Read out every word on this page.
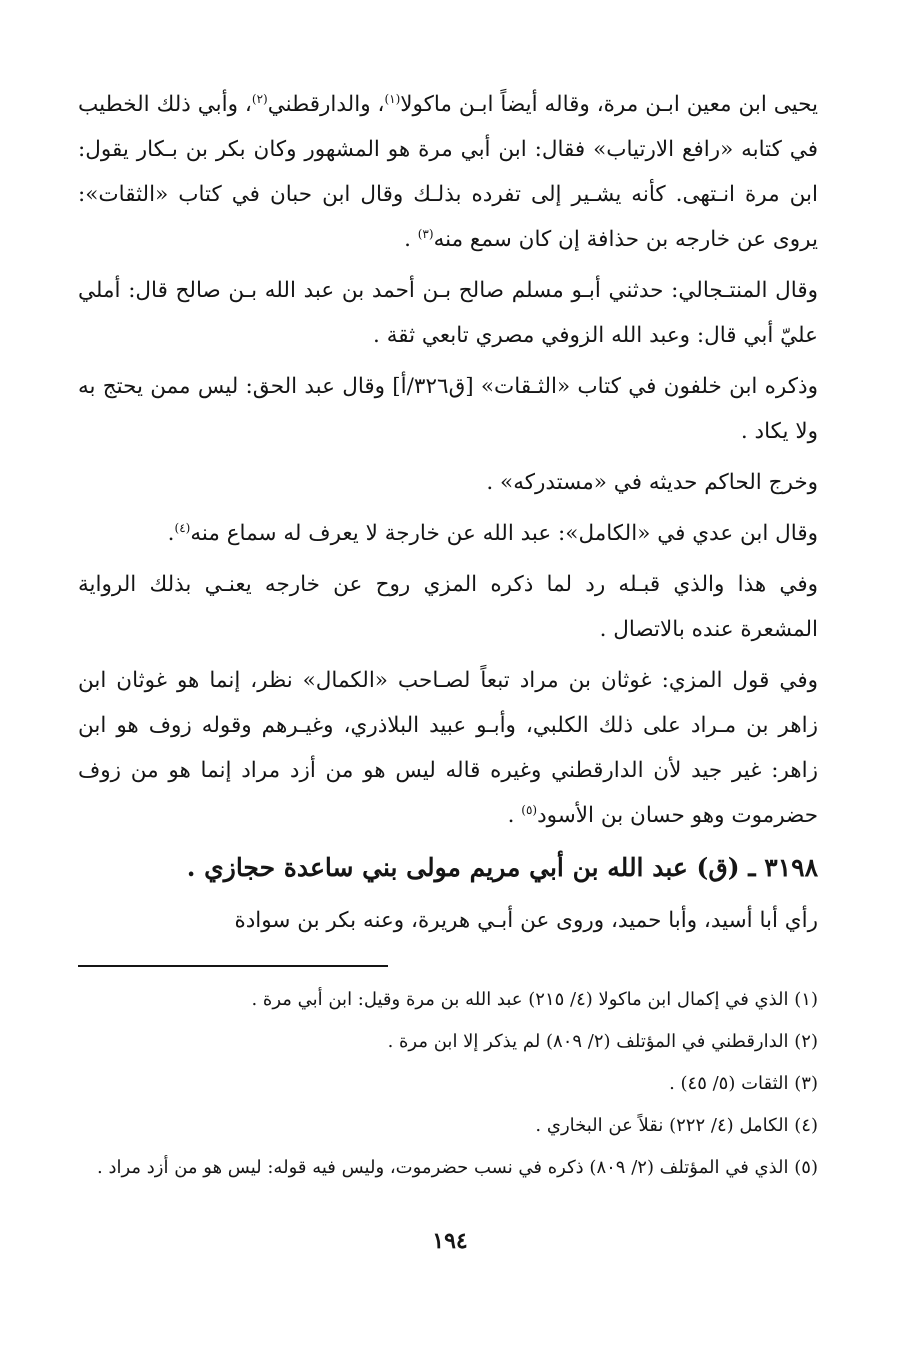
يحيى ابن معين ابـن مرة، وقاله أيضاً ابـن ماكولا$^{(١)}$، والدارقطني$^{(٢)}$، وأبي ذلك الخطيب في كتابه «رافع الارتياب» فقال: ابن أبي مرة هو المشهور وكان بكر بن بـكار يقول: ابن مرة انـتهى. كأنه يشـير إلى تفرده بذلـك وقال ابن حبان في كتاب «الثقات»: يروى عن خارجه بن حذافة إن كان سمع منه$^{(٣)}$ .

وقال المنتـجالي: حدثني أبـو مسلم صالح بـن أحمد بن عبد الله بـن صالح قال: أملي عليّ أبي قال: وعبد الله الزوفي مصري تابعي ثقة .

وذكره ابن خلفون في كتاب «الثـقات» [ق٣٢٦/أ] وقال عبد الحق: ليس ممن يحتج به ولا يكاد .

وخرج الحاكم حديثه في «مستدركه» .

وقال ابن عدي في «الكامل»: عبد الله عن خارجة لا يعرف له سماع منه$^{(٤)}$.

وفي هذا والذي قبـله رد لما ذكره المزي روح عن خارجه يعنـي بذلك الرواية المشعرة عنده بالاتصال .

وفي قول المزي: غوثان بن مراد تبعاً لصـاحب «الكمال» نظر، إنما هو غوثان ابن زاهر بن مـراد على ذلك الكلبي، وأبـو عبيد البلاذري، وغيـرهم وقوله زوف هو ابن زاهر: غير جيد لأن الدارقطني وغيره قاله ليس هو من أزد مراد إنما هو من زوف حضرموت وهو حسان بن الأسود$^{(٥)}$ .

٣١٩٨ ـ (ق) عبد الله بن أبي مريم مولى بني ساعدة حجازي .

رأي أبا أسيد، وأبا حميد، وروى عن أبـي هريرة، وعنه بكر بن سوادة

(١) الذي في إكمال ابن ماكولا (٤/ ٢١٥) عبد الله بن مرة وقيل: ابن أبي مرة .

(٢) الدارقطني في المؤتلف (٢/ ٨٠٩) لم يذكر إلا ابن مرة .

(٣) الثقات (٥/ ٤٥) .

(٤) الكامل (٤/ ٢٢٢) نقلاً عن البخاري .

(٥) الذي في المؤتلف (٢/ ٨٠٩) ذكره في نسب حضرموت، وليس فيه قوله: ليس هو من أزد مراد .

١٩٤
